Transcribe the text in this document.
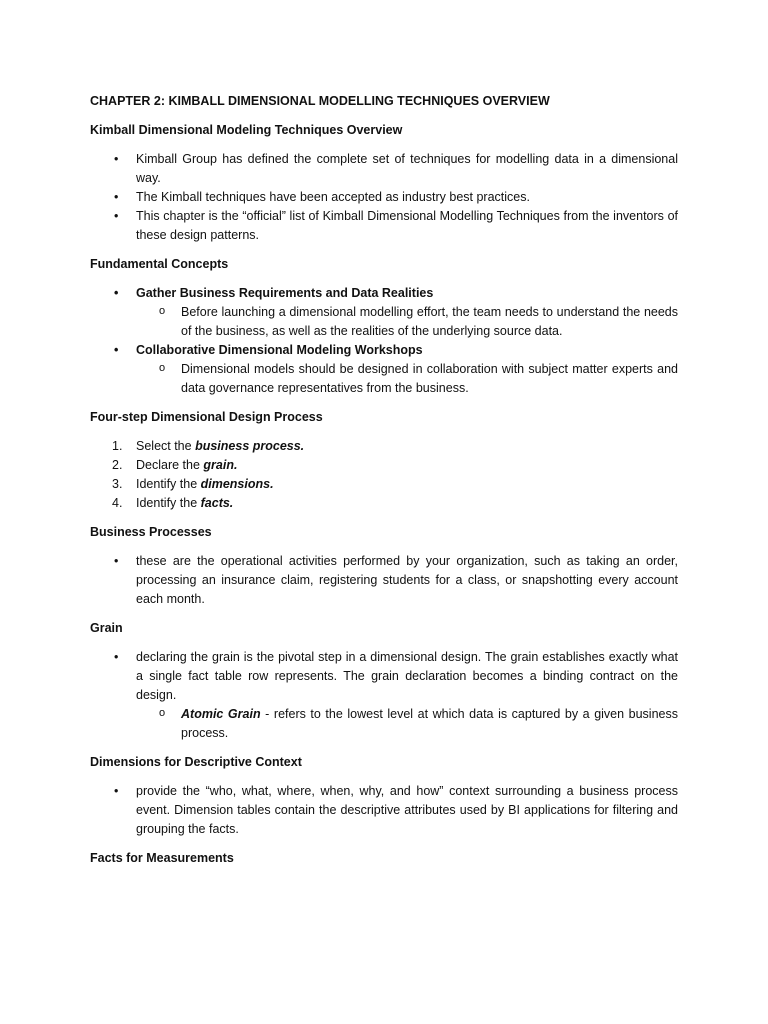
CHAPTER 2: KIMBALL DIMENSIONAL MODELLING TECHNIQUES OVERVIEW

Kimball Dimensional Modeling Techniques Overview

• Kimball Group has defined the complete set of techniques for modelling data in a dimensional way.
• The Kimball techniques have been accepted as industry best practices.
• This chapter is the “official” list of Kimball Dimensional Modelling Techniques from the inventors of these design patterns.

Fundamental Concepts

• Gather Business Requirements and Data Realities
o Before launching a dimensional modelling effort, the team needs to understand the needs of the business, as well as the realities of the underlying source data.
• Collaborative Dimensional Modeling Workshops
o Dimensional models should be designed in collaboration with subject matter experts and data governance representatives from the business.

Four-step Dimensional Design Process

1. Select the business process.
2. Declare the grain.
3. Identify the dimensions.
4. Identify the facts.

Business Processes

• these are the operational activities performed by your organization, such as taking an order, processing an insurance claim, registering students for a class, or snapshotting every account each month.

Grain

• declaring the grain is the pivotal step in a dimensional design. The grain establishes exactly what a single fact table row represents. The grain declaration becomes a binding contract on the design.
o Atomic Grain - refers to the lowest level at which data is captured by a given business process.

Dimensions for Descriptive Context

• provide the “who, what, where, when, why, and how” context surrounding a business process event. Dimension tables contain the descriptive attributes used by BI applications for filtering and grouping the facts.

Facts for Measurements
